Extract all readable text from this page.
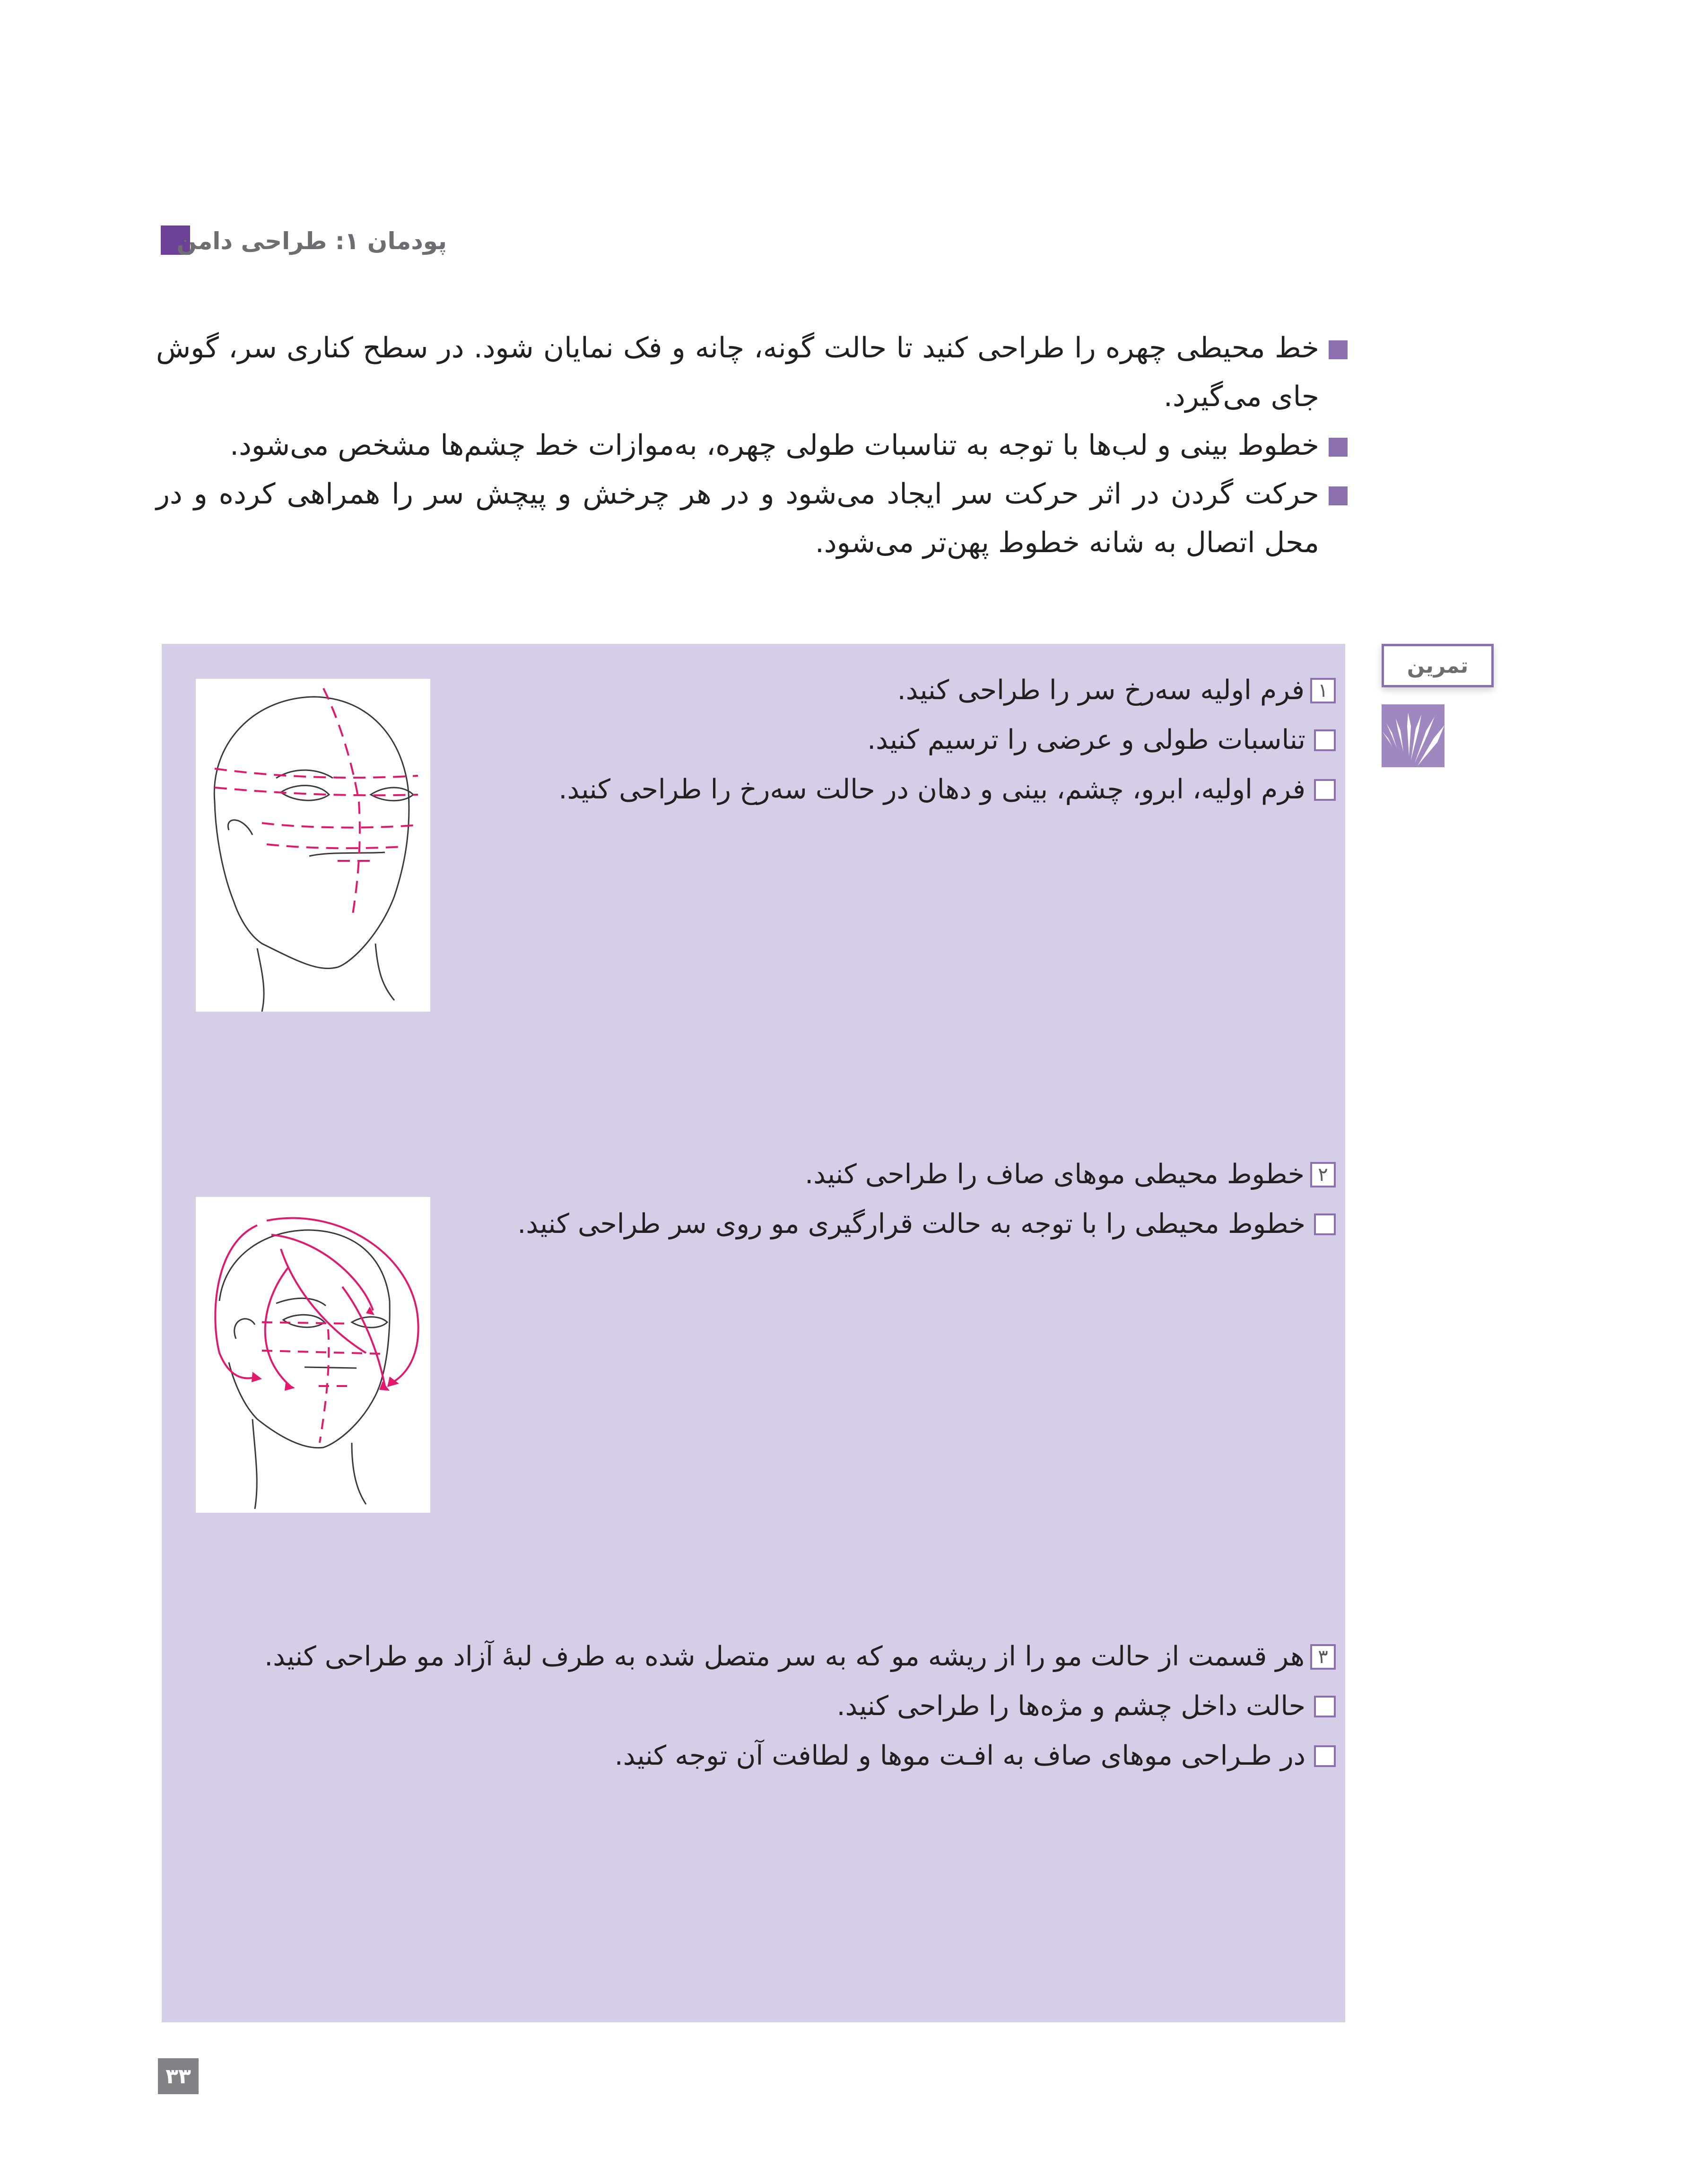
پودمان ۱: طراحی دامن
خط محیطی چهره را طراحی کنید تا حالت گونه، چانه و فک نمایان شود. در سطح کناری سر، گوش جای می‌گیرد.
خطوط بینی و لب‌ها با توجه به تناسبات طولی چهره، به‌موازات خط چشم‌ها مشخص می‌شود.
حرکت گردن در اثر حرکت سر ایجاد می‌شود و در هر چرخش و پیچش سر را همراهی کرده و در محل اتصال به شانه خطوط پهن‌تر می‌شود.
تمرین
۱
فرم اولیه سه‌رخ سر را طراحی کنید.
تناسبات طولی و عرضی را ترسیم کنید.
فرم اولیه، ابرو، چشم، بینی و دهان در حالت سه‌رخ را طراحی کنید.
۲
خطوط محیطی موهای صاف را طراحی کنید.
خطوط محیطی را با توجه به حالت قرارگیری مو روی سر طراحی کنید.
۳
هر قسمت از حالت مو را از ریشه مو که به سر متصل شده به طرف لبۀ آزاد مو طراحی کنید.
حالت داخل چشم و مژه‌ها را طراحی کنید.
در طـراحی موهای صاف به افـت موها و لطافت آن توجه کنید.
۳۳
